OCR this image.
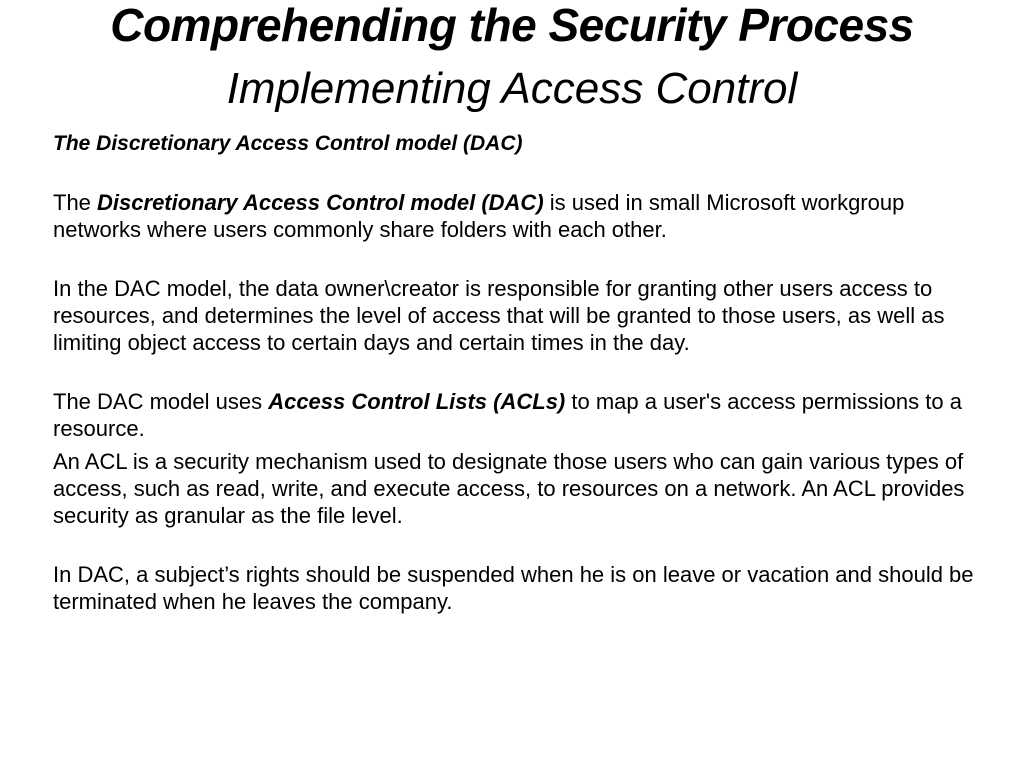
Comprehending the Security Process
Implementing Access Control

The Discretionary Access Control model (DAC)

The Discretionary Access Control model (DAC) is used in small Microsoft workgroup networks where users commonly share folders with each other.

In the DAC model, the data owner\creator is responsible for granting other users access to resources, and determines the level of access that will be granted to those users, as well as limiting object access to certain days and certain times in the day.

The DAC model uses Access Control Lists (ACLs) to map a user's access permissions to a resource.

An ACL is a security mechanism used to designate those users who can gain various types of access, such as read, write, and execute access, to resources on a network. An ACL provides security as granular as the file level.

In DAC, a subject’s rights should be suspended when he is on leave or vacation and should be terminated when he leaves the company.
